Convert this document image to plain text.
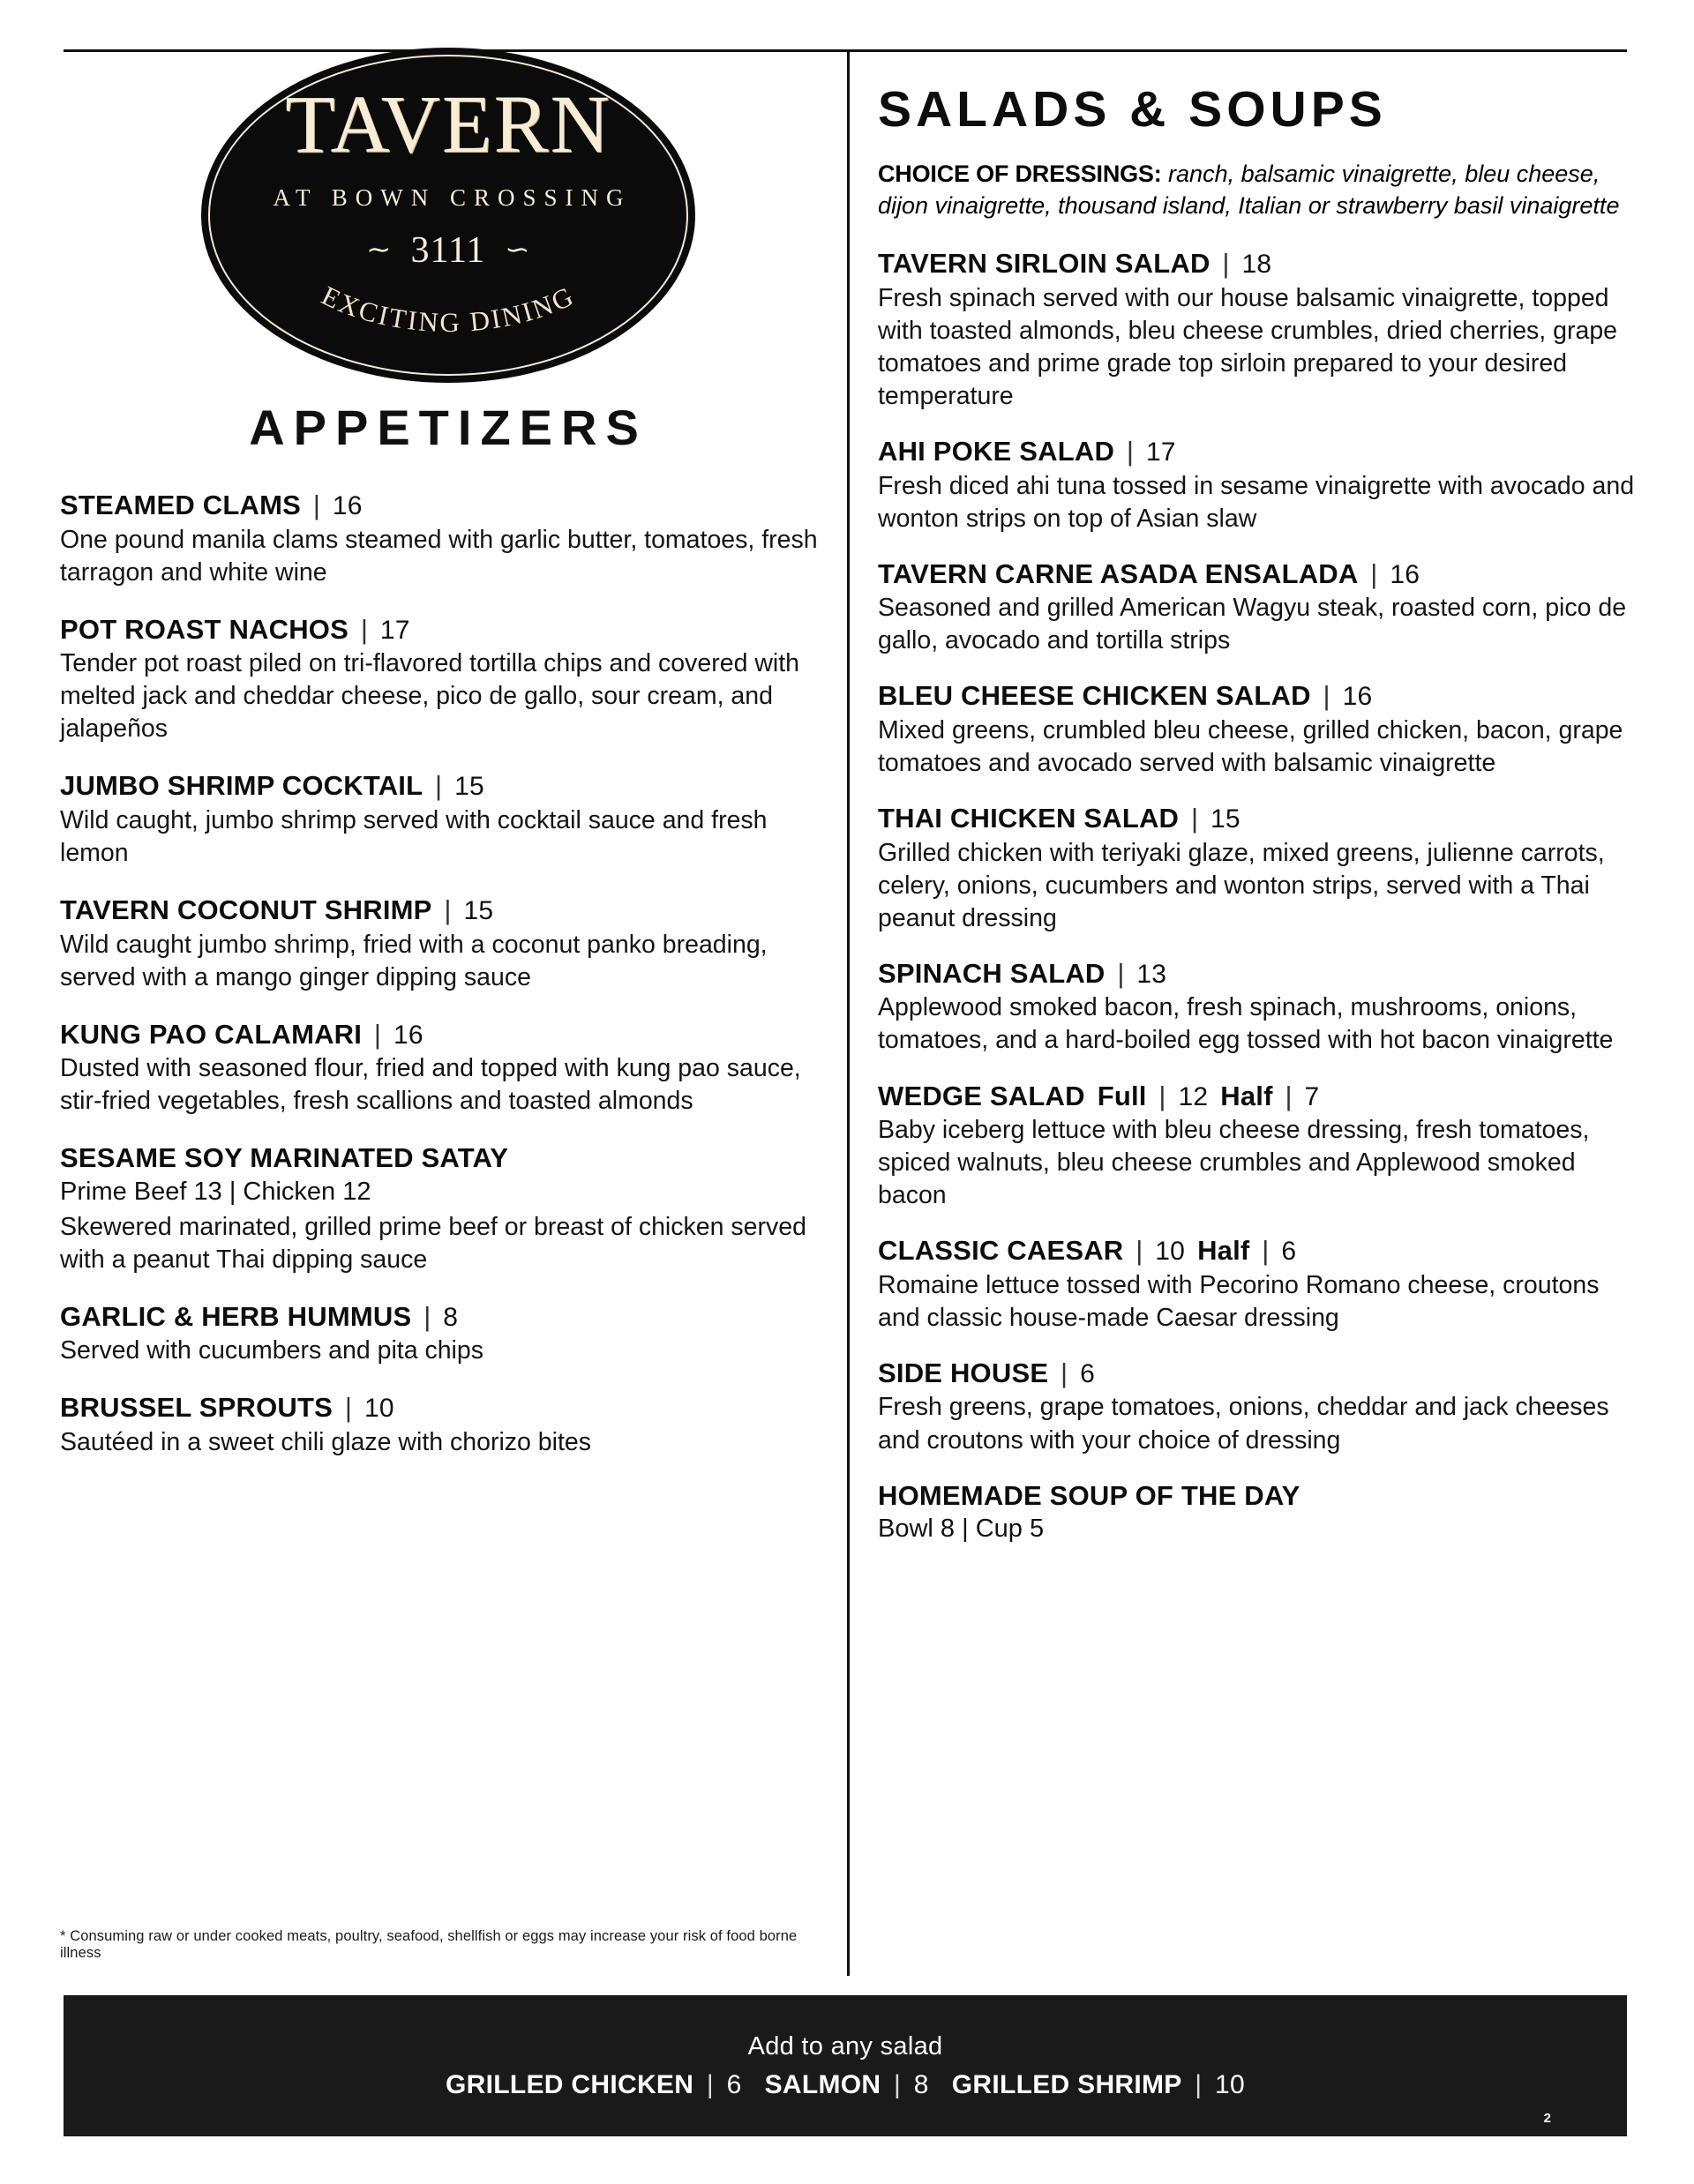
TAVERN
AT BOWN CROSSING
∼ 3111 ∼
EXCITING DINING
APPETIZERS
STEAMED CLAMS | 16
One pound manila clams steamed with garlic butter, tomatoes, fresh tarragon and white wine
POT ROAST NACHOS | 17
Tender pot roast piled on tri-flavored tortilla chips and covered with melted jack and cheddar cheese, pico de gallo, sour cream, and jalapeños
JUMBO SHRIMP COCKTAIL | 15
Wild caught, jumbo shrimp served with cocktail sauce and fresh lemon
TAVERN COCONUT SHRIMP | 15
Wild caught jumbo shrimp, fried with a coconut panko breading, served with a mango ginger dipping sauce
KUNG PAO CALAMARI | 16
Dusted with seasoned flour, fried and topped with kung pao sauce, stir-fried vegetables, fresh scallions and toasted almonds
SESAME SOY MARINATED SATAY
Prime Beef 13 | Chicken 12
Skewered marinated, grilled prime beef or breast of chicken served with a peanut Thai dipping sauce
GARLIC & HERB HUMMUS | 8
Served with cucumbers and pita chips
BRUSSEL SPROUTS | 10
Sautéed in a sweet chili glaze with chorizo bites
* Consuming raw or under cooked meats, poultry, seafood, shellfish or eggs may increase your risk of food borne illness
SALADS & SOUPS
CHOICE OF DRESSINGS: ranch, balsamic vinaigrette, bleu cheese, dijon vinaigrette, thousand island, Italian or strawberry basil vinaigrette
TAVERN SIRLOIN SALAD | 18
Fresh spinach served with our house balsamic vinaigrette, topped with toasted almonds, bleu cheese crumbles, dried cherries, grape tomatoes and prime grade top sirloin prepared to your desired temperature
AHI POKE SALAD | 17
Fresh diced ahi tuna tossed in sesame vinaigrette with avocado and wonton strips on top of Asian slaw
TAVERN CARNE ASADA ENSALADA | 16
Seasoned and grilled American Wagyu steak, roasted corn, pico de gallo, avocado and tortilla strips
BLEU CHEESE CHICKEN SALAD | 16
Mixed greens, crumbled bleu cheese, grilled chicken, bacon, grape tomatoes and avocado served with balsamic vinaigrette
THAI CHICKEN SALAD | 15
Grilled chicken with teriyaki glaze, mixed greens, julienne carrots, celery, onions, cucumbers and wonton strips, served with a Thai peanut dressing
SPINACH SALAD | 13
Applewood smoked bacon, fresh spinach, mushrooms, onions, tomatoes, and a hard-boiled egg tossed with hot bacon vinaigrette
WEDGE SALAD Full | 12 Half | 7
Baby iceberg lettuce with bleu cheese dressing, fresh tomatoes, spiced walnuts, bleu cheese crumbles and Applewood smoked bacon
CLASSIC CAESAR | 10 Half | 6
Romaine lettuce tossed with Pecorino Romano cheese, croutons and classic house-made Caesar dressing
SIDE HOUSE | 6
Fresh greens, grape tomatoes, onions, cheddar and jack cheeses and croutons with your choice of dressing
HOMEMADE SOUP OF THE DAY
Bowl 8 | Cup 5
Add to any salad
GRILLED CHICKEN | 6 SALMON | 8 GRILLED SHRIMP | 10
2
